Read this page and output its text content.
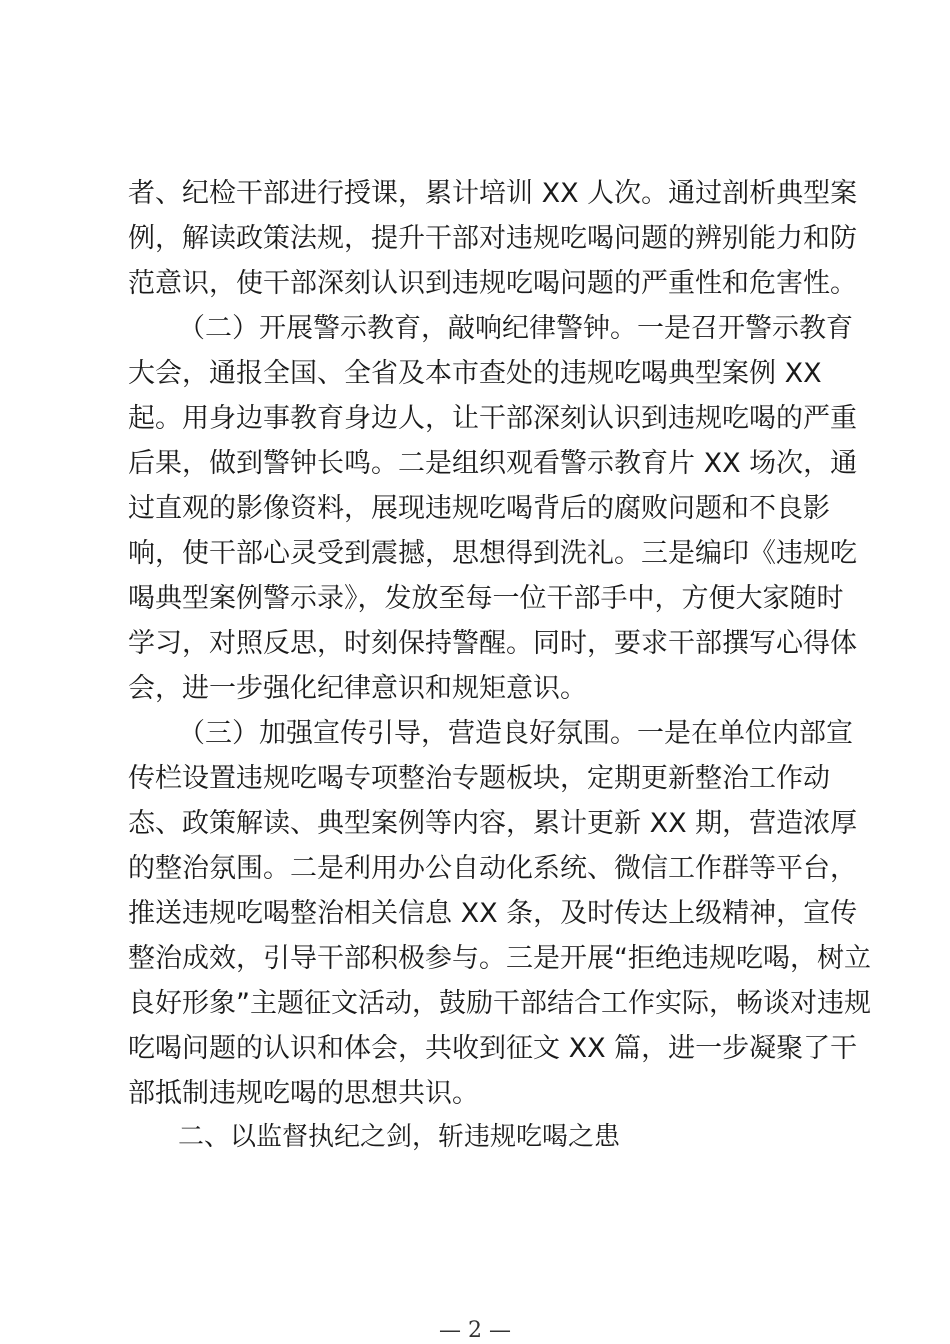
者、纪检干部进行授课，累计培训 XX 人次。通过剖析典型案
例，解读政策法规，提升干部对违规吃喝问题的辨别能力和防
范意识，使干部深刻认识到违规吃喝问题的严重性和危害性。
（二）开展警示教育，敲响纪律警钟。一是召开警示教育
大会，通报全国、全省及本市查处的违规吃喝典型案例 XX
起。用身边事教育身边人，让干部深刻认识到违规吃喝的严重
后果，做到警钟长鸣。二是组织观看警示教育片 XX 场次，通
过直观的影像资料，展现违规吃喝背后的腐败问题和不良影
响，使干部心灵受到震撼，思想得到洗礼。三是编印《违规吃
喝典型案例警示录》，发放至每一位干部手中，方便大家随时
学习，对照反思，时刻保持警醒。同时，要求干部撰写心得体
会，进一步强化纪律意识和规矩意识。
（三）加强宣传引导，营造良好氛围。一是在单位内部宣
传栏设置违规吃喝专项整治专题板块，定期更新整治工作动
态、政策解读、典型案例等内容，累计更新 XX 期，营造浓厚
的整治氛围。二是利用办公自动化系统、微信工作群等平台，
推送违规吃喝整治相关信息 XX 条，及时传达上级精神，宣传
整治成效，引导干部积极参与。三是开展“拒绝违规吃喝，树立
良好形象”主题征文活动，鼓励干部结合工作实际，畅谈对违规
吃喝问题的认识和体会，共收到征文 XX 篇，进一步凝聚了干
部抵制违规吃喝的思想共识。
二、以监督执纪之剑，斩违规吃喝之患
— 2 —
